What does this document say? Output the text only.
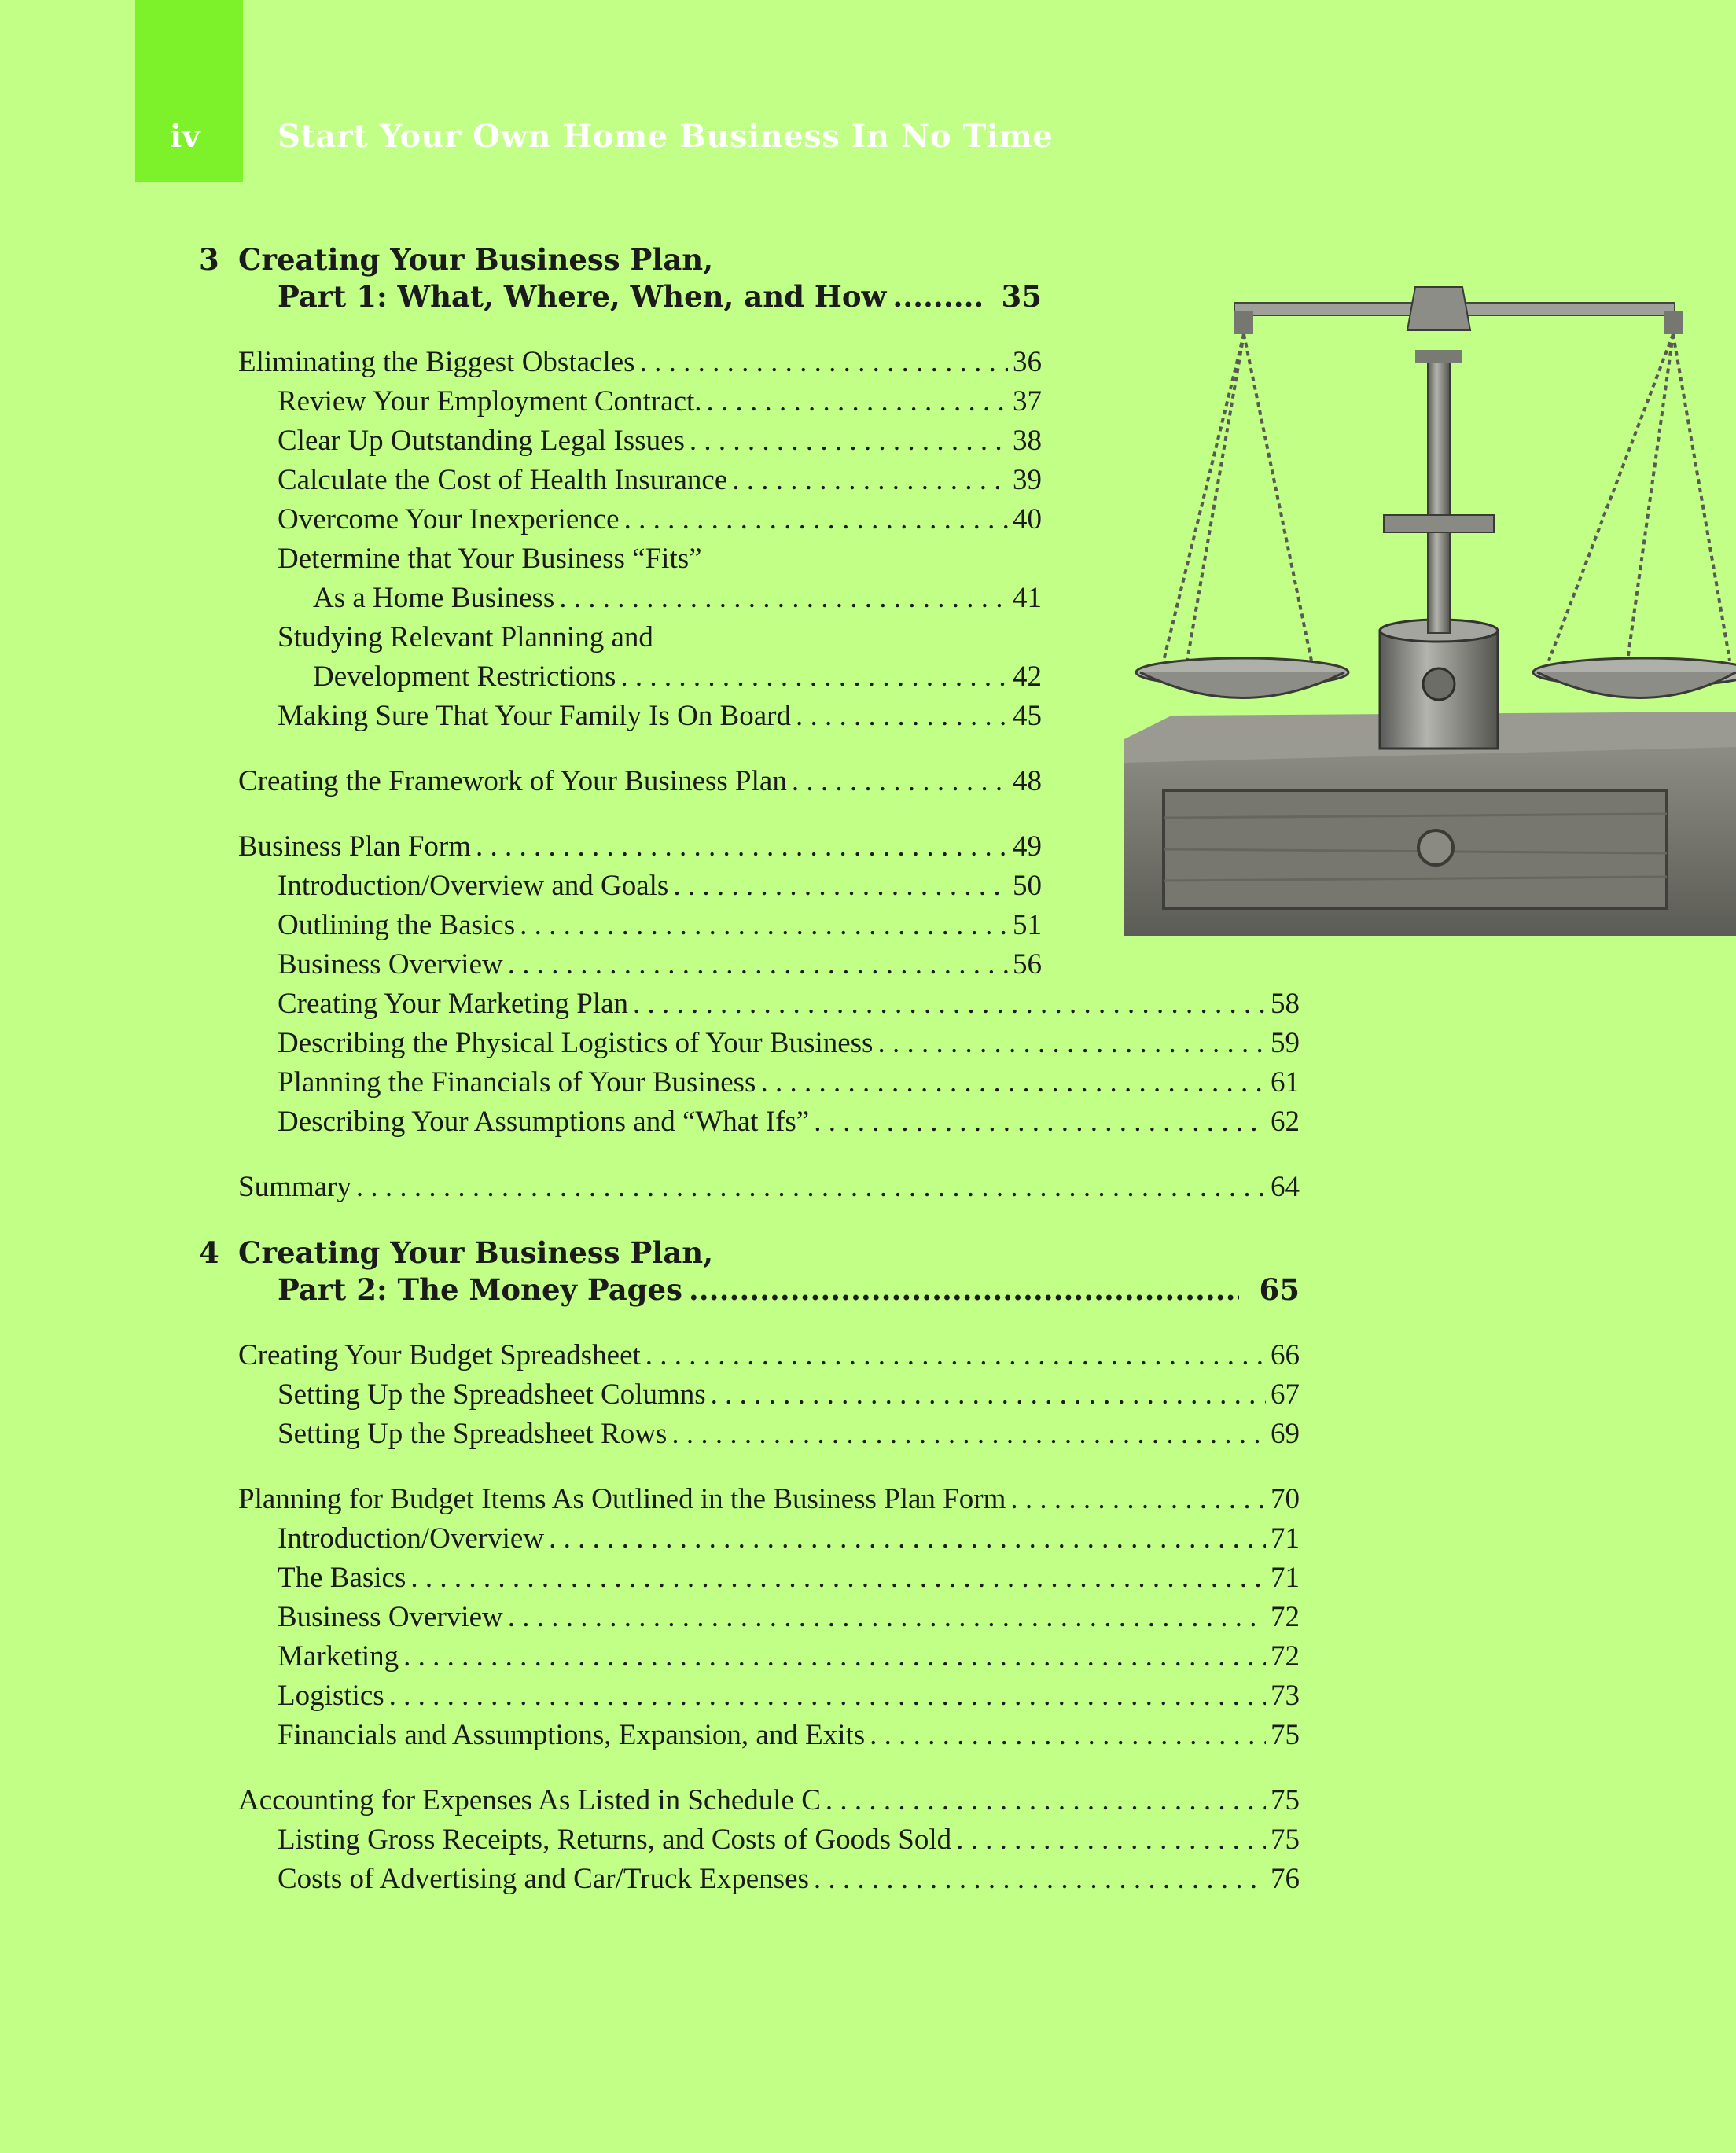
iv Start Your Own Home Business In No Time
3 Creating Your Business Plan,
Part 1: What, Where, When, and How .....	35
Eliminating the Biggest Obstacles . . .	36
Review Your Employment Contract. . . .	37
Clear Up Outstanding Legal Issues . . .	38
Calculate the Cost of Health Insurance . . .	39
Overcome Your Inexperience . . .	40
Determine that Your Business “Fits”
As a Home Business . . .	41
Studying Relevant Planning and
Development Restrictions . . .	42
Making Sure That Your Family Is On Board . . .	45
Creating the Framework of Your Business Plan . . .	48
Business Plan Form . . .	49
Introduction/Overview and Goals . . .	50
Outlining the Basics . . .	51
Business Overview . . .	56
Creating Your Marketing Plan . . .	58
Describing the Physical Logistics of Your Business . . .	59
Planning the Financials of Your Business . . .	61
Describing Your Assumptions and “What Ifs” . . .	62
Summary . . .	64
4 Creating Your Business Plan,
Part 2: The Money Pages .....	65
Creating Your Budget Spreadsheet . . .	66
Setting Up the Spreadsheet Columns . . .	67
Setting Up the Spreadsheet Rows . . .	69
Planning for Budget Items As Outlined in the Business Plan Form . . .	70
Introduction/Overview . . .	71
The Basics . . .	71
Business Overview . . .	72
Marketing . . .	72
Logistics . . .	73
Financials and Assumptions, Expansion, and Exits . . .	75
Accounting for Expenses As Listed in Schedule C . . .	75
Listing Gross Receipts, Returns, and Costs of Goods Sold . . .	75
Costs of Advertising and Car/Truck Expenses . . .	76
